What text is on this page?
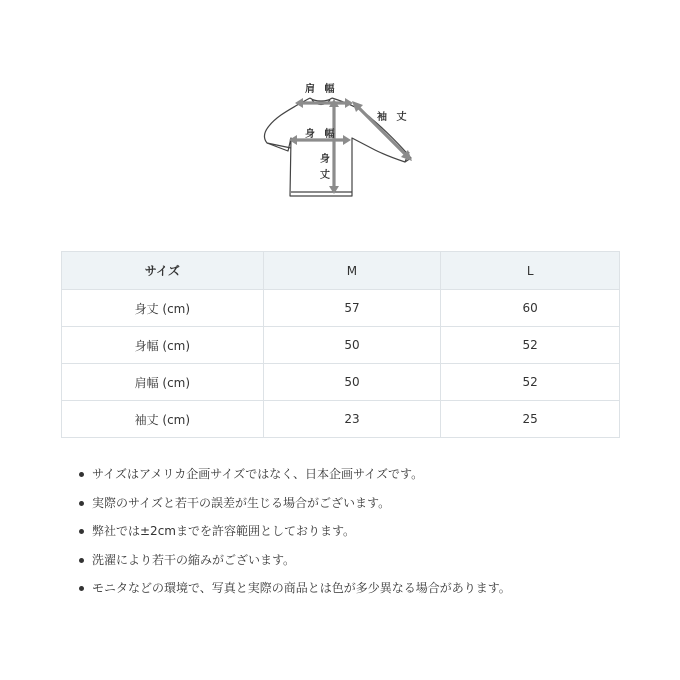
肩 幅
身 幅
袖 丈
身
丈
サイズ	M	L
身丈 (cm)	57	60
身幅 (cm)	50	52
肩幅 (cm)	50	52
袖丈 (cm)	23	25
サイズはアメリカ企画サイズではなく、日本企画サイズです。
実際のサイズと若干の誤差が生じる場合がございます。
弊社では±2cmまでを許容範囲としております。
洗濯により若干の縮みがございます。
モニタなどの環境で、写真と実際の商品とは色が多少異なる場合があります。
